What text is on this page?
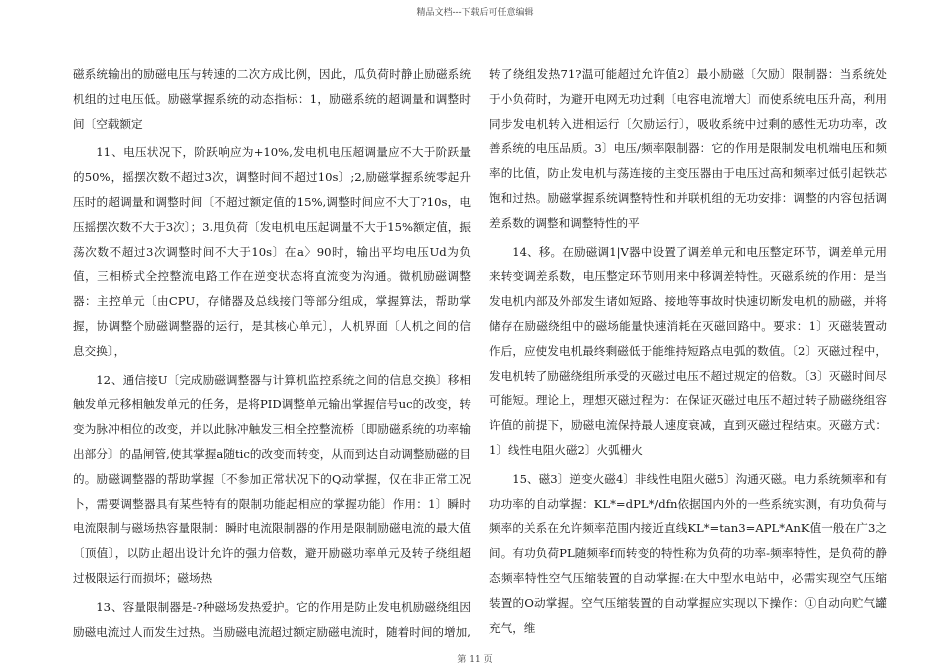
精品文档---下载后可任意编辑

磁系统输出的励磁电压与转速的二次方成比例，因此，瓜负荷时静止励磁系统机组的过电压低。励磁掌握系统的动态指标：1，励磁系统的超调量和调整时间〔空载额定

11、电压状况下，阶跃响应为+10%,发电机电压超调量应不大于阶跃量的50%，摇摆次数不超过3次，调整时间不超过10s〕;2,励磁掌握系统零起升压时的超调量和调整时间〔不超过额定值的15%,调整时间应不大丁?10s，电压摇摆次数不大于3次〕；3.甩负荷〔发电机电压起调量不大于15%额定值，振荡次数不超过3次调整时间不大于10s〕在a〉90时，输出平均电压Ud为负值，三相桥式全控整流电路工作在逆变状态将直流变为沟通。微机励磁调整器：主控单元〔由CPU，存储器及总线接门等部分组成，掌握算法，帮助掌握，协调整个励磁调整器的运行，是其核心单元〕，人机界面〔人机之间的信息交换〕，

12、通信接U〔完成励磁调整器与计算机监控系统之间的信息交换〕移相触发单元移相触发单元的任务，是将PID调整单元输出掌握信号uc的改变，转变为脉冲相位的改变，并以此脉冲触发三相全控整流桥〔即励磁系统的功率输出部分〕的晶闸管,使其掌握a随tic的改变而转变，从而到达自动调整励磁的目的。励磁调整器的帮助掌握〔不参加正常状况下的Q动掌握，仅在非正常工况卜，需要调整器具有某些特有的限制功能起相应的掌握功能〕作用：1〕瞬时电流限制与磁场热容量限制：瞬时电流限制器的作用是限制励磁电流的最大值〔顶值〕，以防止超出设计允许的强力倍数，避开励磁功率单元及转子绕组超过极限运行而损坏；磁场热

13、容量限制器是-?种磁场发热爱护。它的作用是防止发电机励磁绕组因励磁电流过人而发生过热。当励磁电流超过额定励磁电流时，随着时间的增加,

转了绕组发热71?温可能超过允许值2〕最小励磁〔欠励〕限制器：当系统处于小负荷时，为避开电网无功过剩〔电容电流增大〕而使系统电压升高，利用同步发电机转入进相运行〔欠励运行〕，吸收系统中过剩的感性无功功率，改善系统的电压品质。3〕电压/频率限制器：它的作用是限制发电机端电压和频率的比值，防止发电机与荡连接的主变压器由于电压过高和频率过低引起铁芯饱和过热。励磁掌握系统调整特性和并联机组的无功安排：调整的内容包括调差系数的调整和调整特性的平

14、移。在励磁调1|V器中设置了调差单元和电压整定环节，调差单元用来转变调差系数，电压整定环节则用来中移调差特性。灭磁系统的作用：是当发电机内部及外部发生诸如短路、接地等事故时快速切断发电机的励磁，并将储存在励磁绕组中的磁场能量快速消耗在灭磁回路中。要求：1〕灭磁装置动作后，应使发电机最终剩磁低于能维持短路点电弧的数值。〔2〕灭磁过程中，发电机转了励磁绕组所承受的灭磁过电压不超过规定的倍数。〔3〕灭磁时间尽可能短。理论上，理想灭磁过程为：在保证灭磁过电压不超过转子励磁绕组容许值的前提下，励磁电流保持最人速度衰减，直到灭磁过程结束。灭磁方式：1〕线性电阻火磁2〕火弧栅火

15、磁3〕逆变火磁4〕非线性电阻火磁5〕沟通灭磁。电力系统频率和有功功率的自动掌握：KL*=dPL*/dfn依据国内外的一些系统实测，有功负荷与频率的关系在允许频率范围内接近直线KL*=tan3=APL*AnK值一般在广3之间。有功负荷PL随频率f而转变的特性称为负荷的功率-频率特性，是负荷的静态频率特性空气压缩装置的自动掌握:在大中型水电站中，必需实现空气压缩装置的O动掌握。空气压缩装置的自动掌握应实现以下操作：①自动向贮气罐充气，维

第 11 页
